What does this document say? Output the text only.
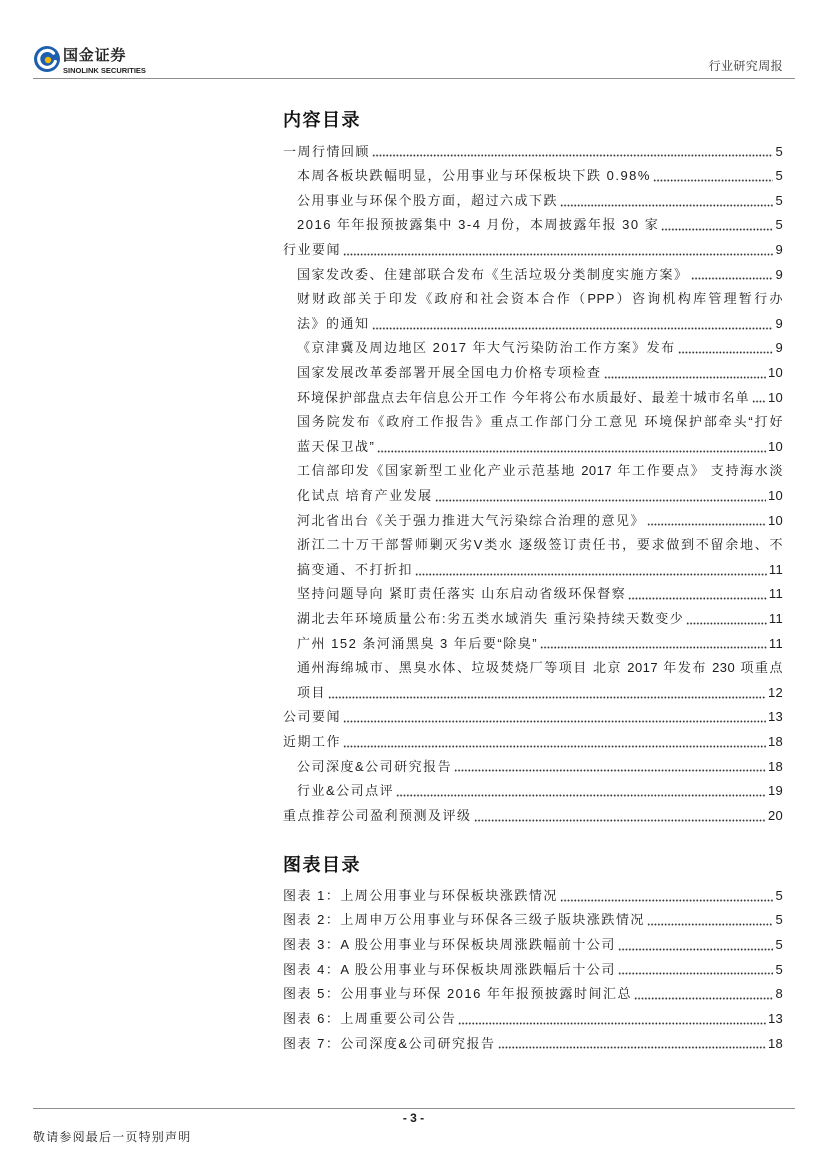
国金证券
SINOLINK SECURITIES	行业研究周报
内容目录
一周行情回顾	5
本周各板块跌幅明显，公用事业与环保板块下跌 0.98%	5
公用事业与环保个股方面，超过六成下跌	5
2016 年年报预披露集中 3-4 月份，本周披露年报 30 家	5
行业要闻	9
国家发改委、住建部联合发布《生活垃圾分类制度实施方案》	9
财财政部关于印发《政府和社会资本合作（PPP）咨询机构库管理暂行办
法》的通知	9
《京津冀及周边地区 2017 年大气污染防治工作方案》发布	9
国家发展改革委部署开展全国电力价格专项检查	10
环境保护部盘点去年信息公开工作 今年将公布水质最好、最差十城市名单 10
国务院发布《政府工作报告》重点工作部门分工意见 环境保护部牵头“打好
蓝天保卫战”	10
工信部印发《国家新型工业化产业示范基地 2017 年工作要点》 支持海水淡
化试点 培育产业发展	10
河北省出台《关于强力推进大气污染综合治理的意见》	10
浙江二十万干部誓师剿灭劣V类水 逐级签订责任书，要求做到不留余地、不
搞变通、不打折扣	11
坚持问题导向 紧盯责任落实 山东启动省级环保督察	11
湖北去年环境质量公布:劣五类水域消失 重污染持续天数变少	11
广州 152 条河涌黑臭 3 年后要“除臭”	11
通州海绵城市、黑臭水体、垃圾焚烧厂等项目 北京 2017 年发布 230 项重点
项目	12
公司要闻	13
近期工作	18
公司深度&公司研究报告	18
行业&公司点评	19
重点推荐公司盈利预测及评级	20
图表目录
图表 1：上周公用事业与环保板块涨跌情况	5
图表 2：上周申万公用事业与环保各三级子版块涨跌情况	5
图表 3：A 股公用事业与环保板块周涨跌幅前十公司	5
图表 4：A 股公用事业与环保板块周涨跌幅后十公司	5
图表 5：公用事业与环保 2016 年年报预披露时间汇总	8
图表 6：上周重要公司公告	13
图表 7：公司深度&公司研究报告	18
- 3 -
敬请参阅最后一页特别声明
